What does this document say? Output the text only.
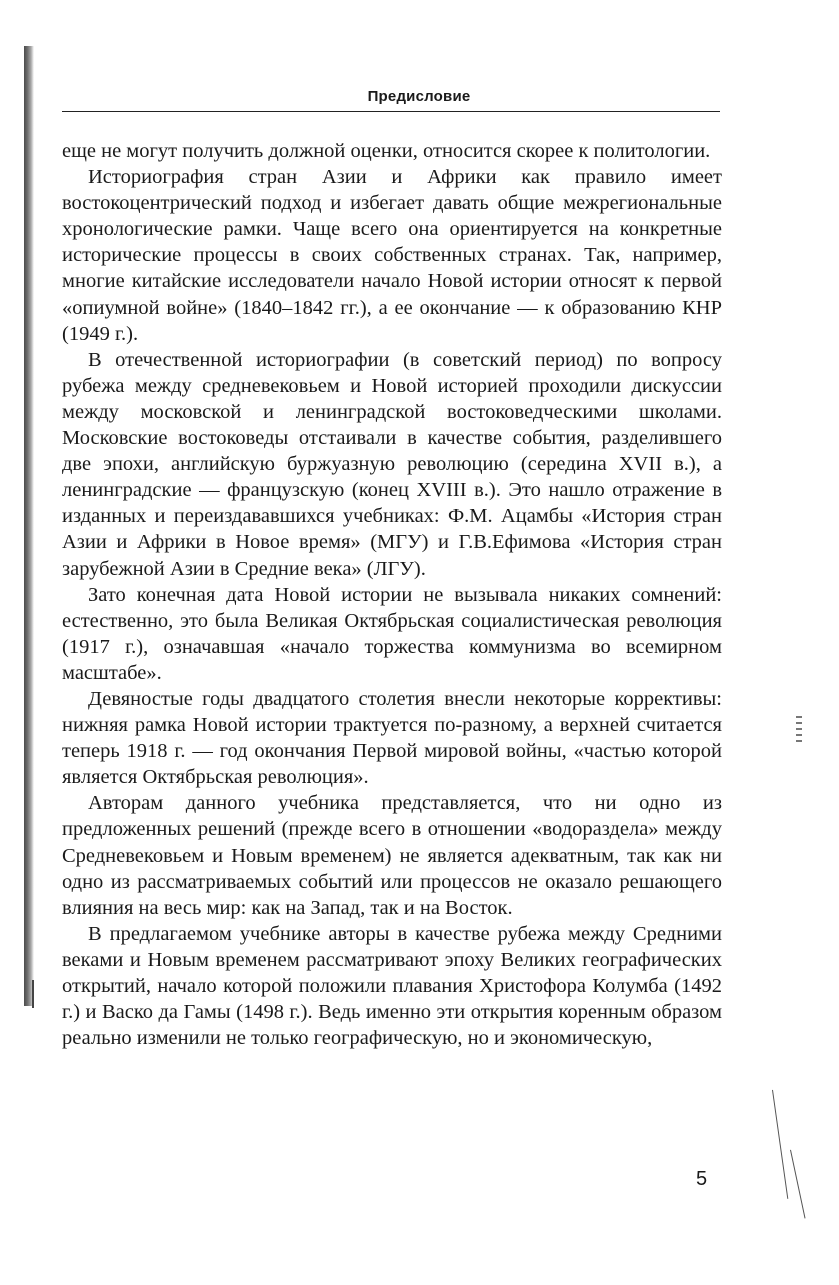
Предисловие

еще не могут получить должной оценки, относится скорее к политологии.

Историография стран Азии и Африки как правило имеет востокоцентрический подход и избегает давать общие межрегиональные хронологические рамки. Чаще всего она ориентируется на конкретные исторические процессы в своих собственных странах. Так, например, многие китайские исследователи начало Новой истории относят к первой «опиумной войне» (1840–1842 гг.), а ее окончание — к образованию КНР (1949 г.).

В отечественной историографии (в советский период) по вопросу рубежа между средневековьем и Новой историей проходили дискуссии между московской и ленинградской востоковедческими школами. Московские востоковеды отстаивали в качестве события, разделившего две эпохи, английскую буржуазную революцию (середина XVII в.), а ленинградские — французскую (конец XVIII в.). Это нашло отражение в изданных и переиздававшихся учебниках: Ф.М. Ацамбы «История стран Азии и Африки в Новое время» (МГУ) и Г.В.Ефимова «История стран зарубежной Азии в Средние века» (ЛГУ).

Зато конечная дата Новой истории не вызывала никаких сомнений: естественно, это была Великая Октябрьская социалистическая революция (1917 г.), означавшая «начало торжества коммунизма во всемирном масштабе».

Девяностые годы двадцатого столетия внесли некоторые коррективы: нижняя рамка Новой истории трактуется по-разному, а верхней считается теперь 1918 г. — год окончания Первой мировой войны, «частью которой является Октябрьская революция».

Авторам данного учебника представляется, что ни одно из предложенных решений (прежде всего в отношении «водораздела» между Средневековьем и Новым временем) не является адекватным, так как ни одно из рассматриваемых событий или процессов не оказало решающего влияния на весь мир: как на Запад, так и на Восток.

В предлагаемом учебнике авторы в качестве рубежа между Средними веками и Новым временем рассматривают эпоху Великих географических открытий, начало которой положили плавания Христофора Колумба (1492 г.) и Васко да Гамы (1498 г.). Ведь именно эти открытия коренным образом реально изменили не только географическую, но и экономическую,

5
